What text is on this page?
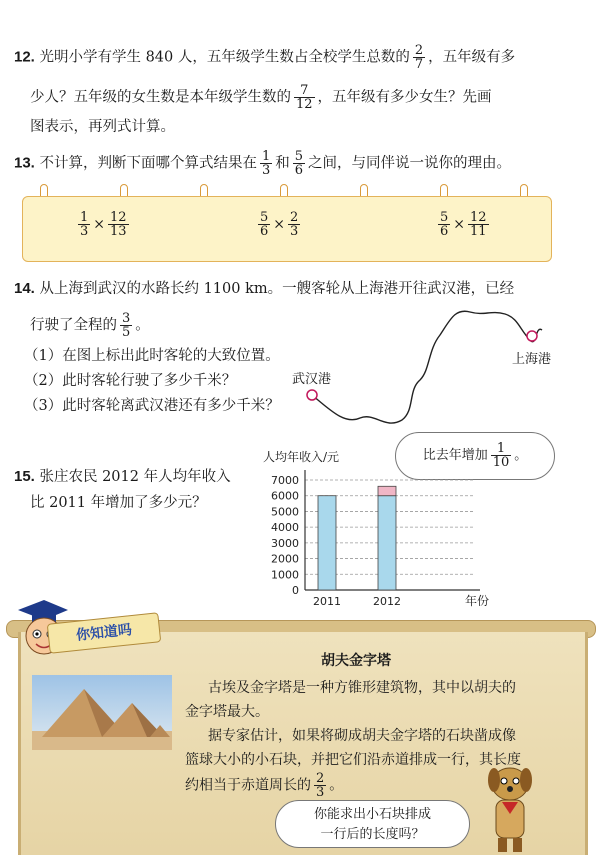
12. 光明小学有学生 840 人，五年级学生数占全校学生总数的 $\frac{2}{7}$ ，五年级有多
少人？五年级的女生数是本年级学生数的 $\frac{7}{12}$ ，五年级有多少女生？先画
图表示，再列式计算。
13. 不计算，判断下面哪个算式结果在 $\frac{1}{3}$ 和 $\frac{5}{6}$ 之间，与同伴说一说你的理由。
$\frac{1}{3} \times \frac{12}{13}$	$\frac{5}{6} \times \frac{2}{3}$	$\frac{5}{6} \times \frac{12}{11}$
14. 从上海到武汉的水路长约 1100 km。一艘客轮从上海港开往武汉港，已经
行驶了全程的 $\frac{3}{5}$ 。
（1）在图上标出此时客轮的大致位置。
（2）此时客轮行驶了多少千米？
（3）此时客轮离武汉港还有多少千米？
武汉港
上海港
15. 张庄农民 2012 年人均年收入
比 2011 年增加了多少元？
比去年增加 $\frac{1}{10}$ 。
人均年收入/元
0
1000
2000
3000
4000
5000
6000
7000
2011	2012	年份
你知道吗
胡夫金字塔
古埃及金字塔是一种方锥形建筑物，其中以胡夫的
金字塔最大。
据专家估计，如果将砌成胡夫金字塔的石块凿成像
篮球大小的小石块，并把它们沿赤道排成一行，其长度
约相当于赤道周长的 $\frac{2}{3}$ 。
你能求出小石块排成
一行后的长度吗？
